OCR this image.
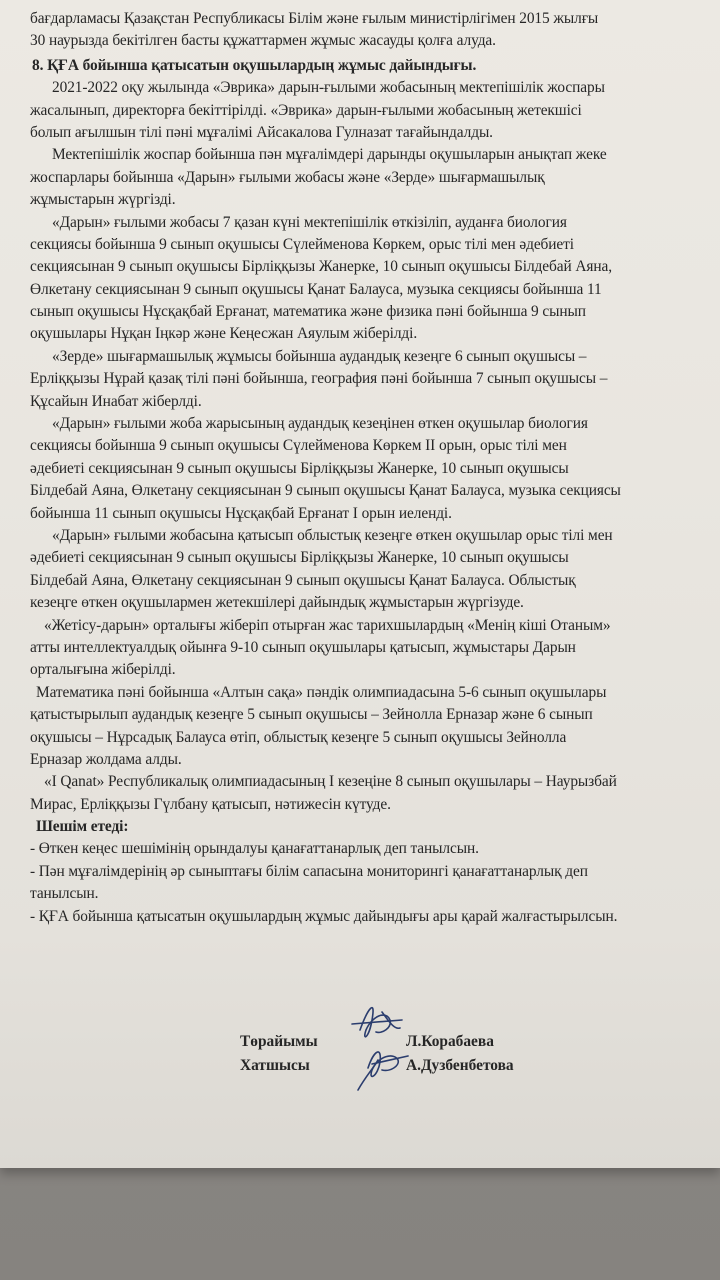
бағдарламасы Қазақстан Республикасы Білім және ғылым министірлігімен 2015 жылғы
30 наурызда бекітілген басты құжаттармен жұмыс жасауды қолға алуда.
8. ҚҒА бойынша қатысатын оқушылардың жұмыс дайындығы.
2021-2022 оқу жылында «Эврика» дарын-ғылыми жобасының мектепішілік жоспары
жасалынып, директорға бекіттірілді. «Эврика» дарын-ғылыми жобасының жетекшісі
болып ағылшын тілі пәні мұғалімі Айсакалова Гулназат тағайындалды.
Мектепішілік жоспар бойынша пән мұғалімдері дарынды оқушыларын анықтап жеке
жоспарлары бойынша «Дарын» ғылыми жобасы және «Зерде» шығармашылық
жұмыстарын жүргізді.
«Дарын» ғылыми жобасы 7 қазан күні мектепішілік өткізіліп, ауданға биология
секциясы бойынша 9 сынып оқушысы Сүлейменова Көркем, орыс тілі мен әдебиеті
секциясынан 9 сынып оқушысы Бірліққызы Жанерке, 10 сынып оқушысы Білдебай Аяна,
Өлкетану секциясынан 9 сынып оқушысы Қанат Балауса, музыка секциясы бойынша 11
сынып оқушысы Нұсқақбай Ерғанат, математика және физика пәні бойынша 9 сынып
оқушылары Нұқан Іңкәр және Кеңесжан Аяулым жіберілді.
«Зерде» шығармашылық жұмысы бойынша аудандық кезеңге 6 сынып оқушысы –
Ерліққызы Нұрай қазақ тілі пәні бойынша, география пәні бойынша 7 сынып оқушысы –
Құсайын Инабат жіберлді.
«Дарын» ғылыми жоба жарысының аудандық кезеңінен өткен оқушылар биология
секциясы бойынша 9 сынып оқушысы Сүлейменова Көркем ІІ орын, орыс тілі мен
әдебиеті секциясынан 9 сынып оқушысы Бірліққызы Жанерке, 10 сынып оқушысы
Білдебай Аяна, Өлкетану секциясынан 9 сынып оқушысы Қанат Балауса, музыка секциясы
бойынша 11 сынып оқушысы Нұсқақбай Ерғанат І орын иеленді.
«Дарын» ғылыми жобасына қатысып облыстық кезеңге өткен оқушылар орыс тілі мен
әдебиеті секциясынан 9 сынып оқушысы Бірліққызы Жанерке, 10 сынып оқушысы
Білдебай Аяна, Өлкетану секциясынан 9 сынып оқушысы Қанат Балауса. Облыстық
кезеңге өткен оқушылармен жетекшілері дайындық жұмыстарын жүргізуде.
«Жетісу-дарын» орталығы жіберіп отырған жас тарихшылардың «Менің кіші Отаным»
атты интеллектуалдық ойынға 9-10 сынып оқушылары қатысып, жұмыстары Дарын
орталығына жіберілді.
Математика пәні бойынша «Алтын сақа» пәндік олимпиадасына 5-6 сынып оқушылары
қатыстырылып аудандық кезеңге 5 сынып оқушысы – Зейнолла Ерназар және 6 сынып
оқушысы – Нұрсадық Балауса өтіп, облыстық кезеңге 5 сынып оқушысы Зейнолла
Ерназар жолдама алды.
«I Qanat» Республикалық олимпиадасының І кезеңіне 8 сынып оқушылары – Наурызбай
Мирас, Ерліққызы Гүлбану қатысып, нәтижесін күтуде.
Шешім етеді:
- Өткен кеңес шешімінің орындалуы қанағаттанарлық деп танылсын.
- Пән мұғалімдерінің әр сыныптағы білім сапасына мониторингі қанағаттанарлық деп
танылсын.
- ҚҒА бойынша қатысатын оқушылардың жұмыс дайындығы ары қарай жалғастырылсын.
Төрайымы	Л.Корабаева
Хатшысы	А.Дузбенбетова
